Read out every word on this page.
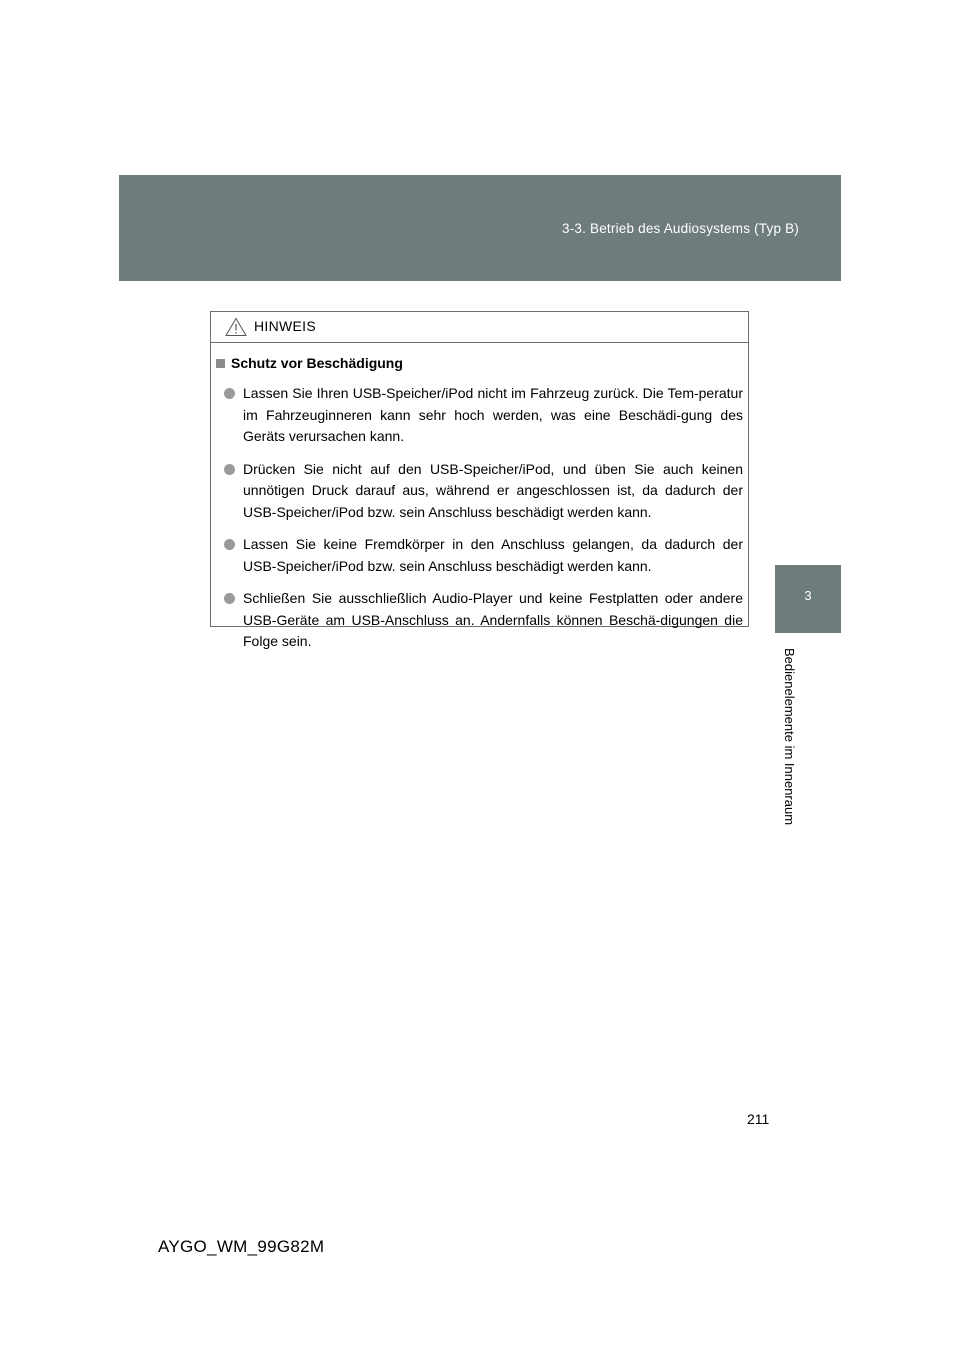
3-3. Betrieb des Audiosystems (Typ B)
3
Bedienelemente im Innenraum
HINWEIS
Schutz vor Beschädigung
Lassen Sie Ihren USB-Speicher/iPod nicht im Fahrzeug zurück. Die Tem-peratur im Fahrzeuginneren kann sehr hoch werden, was eine Beschädi-gung des Geräts verursachen kann.
Drücken Sie nicht auf den USB-Speicher/iPod, und üben Sie auch keinen unnötigen Druck darauf aus, während er angeschlossen ist, da dadurch der USB-Speicher/iPod bzw. sein Anschluss beschädigt werden kann.
Lassen Sie keine Fremdkörper in den Anschluss gelangen, da dadurch der USB-Speicher/iPod bzw. sein Anschluss beschädigt werden kann.
Schließen Sie ausschließlich Audio-Player und keine Festplatten oder andere USB-Geräte am USB-Anschluss an. Andernfalls können Beschä-digungen die Folge sein.
211
AYGO_WM_99G82M
